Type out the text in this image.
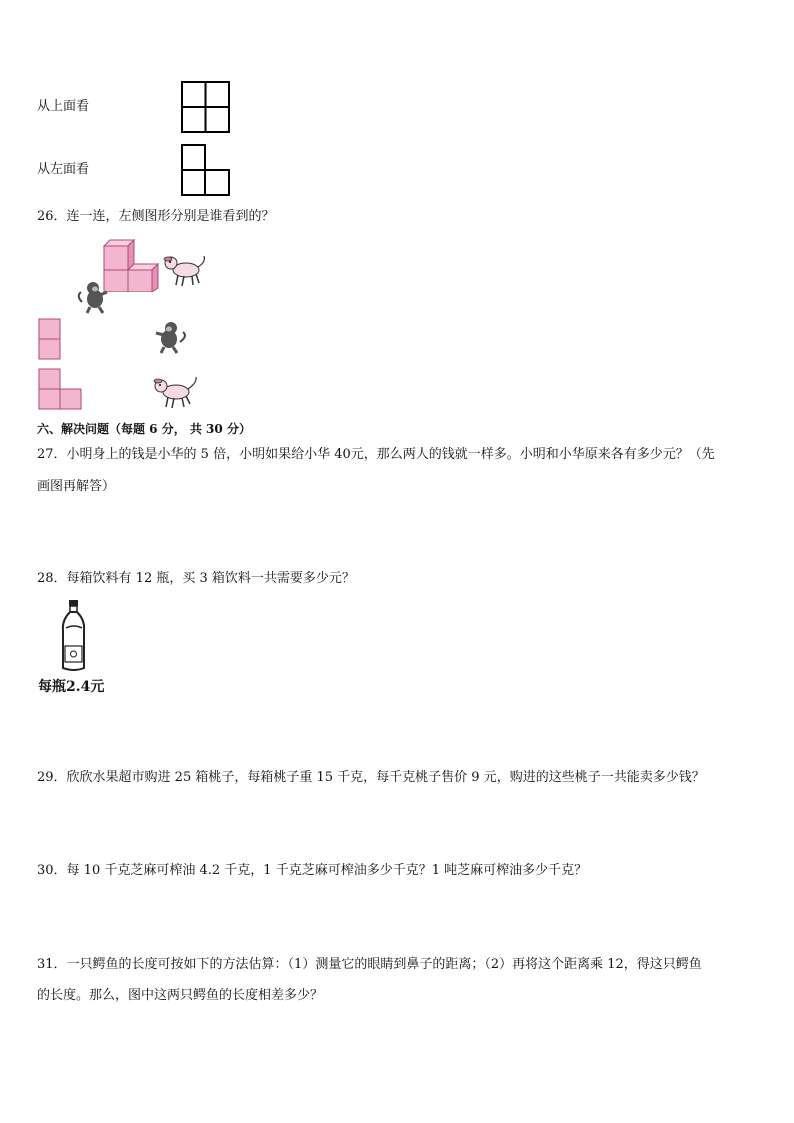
从上面看
从左面看
26．连一连，左侧图形分别是谁看到的？
六、解决问题（每题 6 分， 共 30 分）
27．小明身上的钱是小华的 5 倍，小明如果给小华 40元，那么两人的钱就一样多。小明和小华原来各有多少元？（先
画图再解答）
28．每箱饮料有 12 瓶，买 3 箱饮料一共需要多少元？
每瓶2.4元
29．欣欣水果超市购进 25 箱桃子，每箱桃子重 15 千克，每千克桃子售价 9 元，购进的这些桃子一共能卖多少钱？
30．每 10 千克芝麻可榨油 4.2 千克，1 千克芝麻可榨油多少千克？1 吨芝麻可榨油多少千克？
31．一只鳄鱼的长度可按如下的方法估算：（1）测量它的眼睛到鼻子的距离；（2）再将这个距离乘 12，得这只鳄鱼
的长度。那么，图中这两只鳄鱼的长度相差多少？
